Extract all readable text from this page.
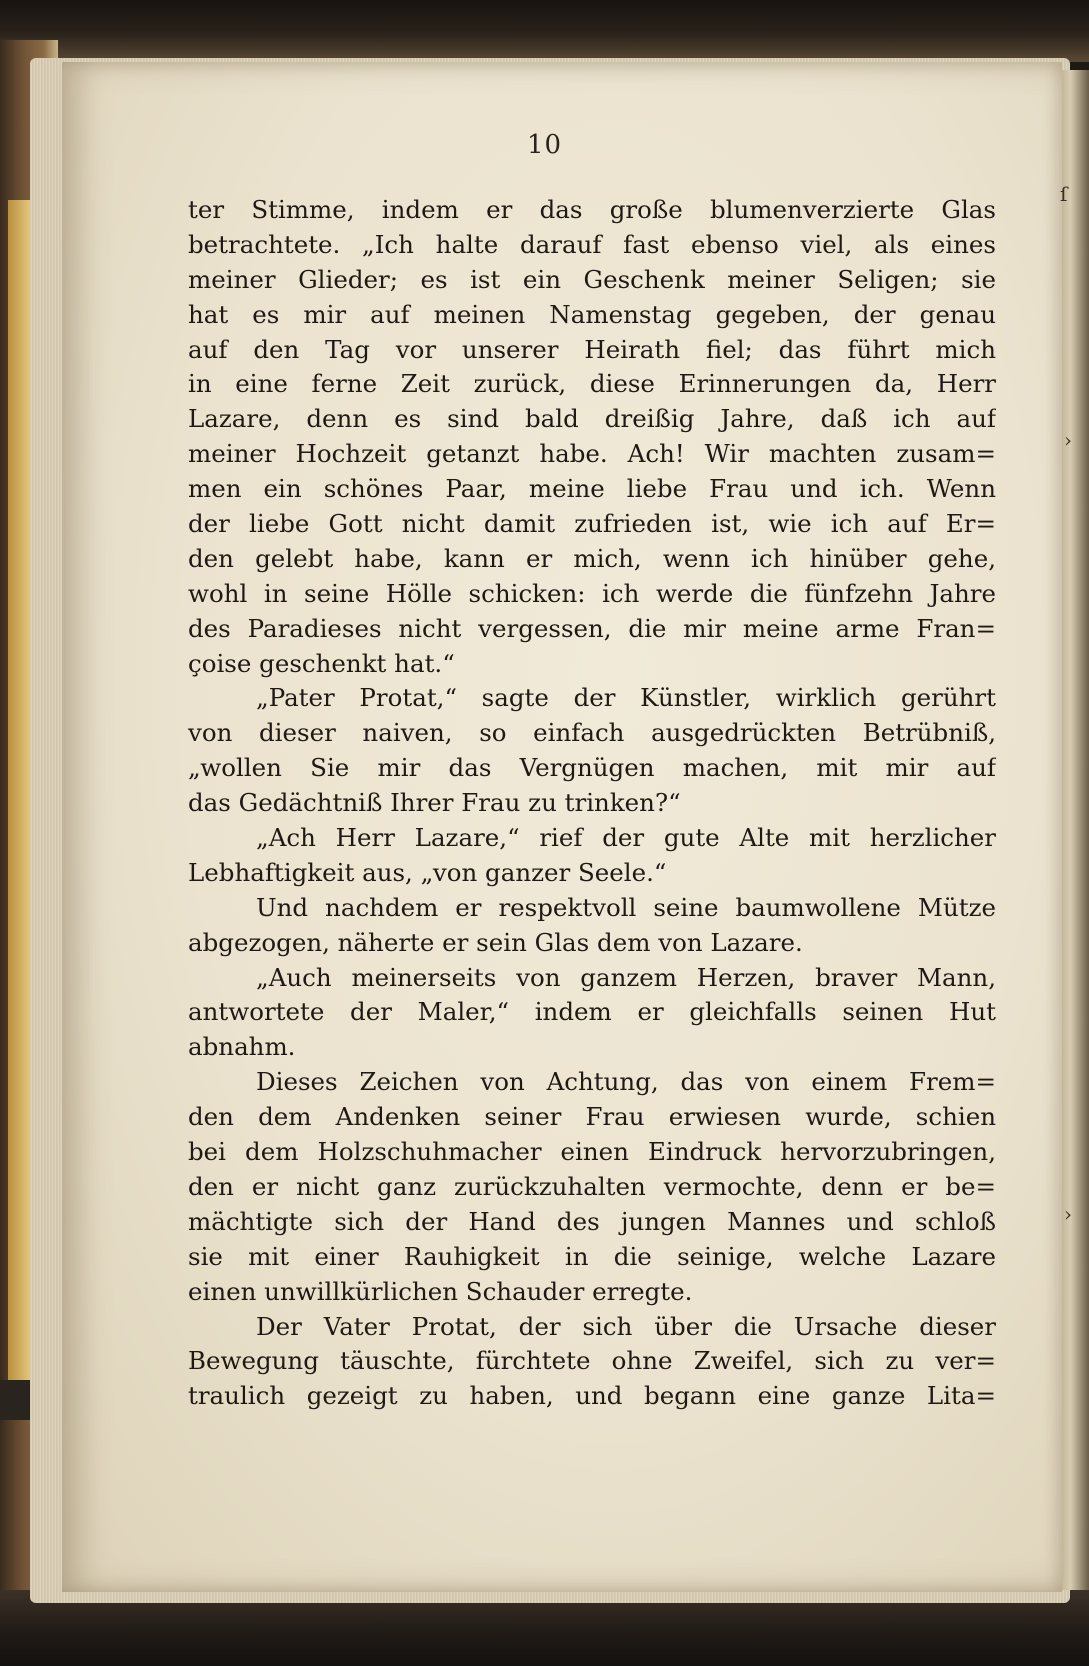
10
ter Stimme, indem er das große blumenverzierte Glas
betrachtete. „Ich halte darauf fast ebenso viel, als eines
meiner Glieder; es ist ein Geschenk meiner Seligen; sie
hat es mir auf meinen Namenstag gegeben, der genau
auf den Tag vor unserer Heirath fiel; das führt mich
in eine ferne Zeit zurück, diese Erinnerungen da, Herr
Lazare, denn es sind bald dreißig Jahre, daß ich auf
meiner Hochzeit getanzt habe. Ach! Wir machten zusam=
men ein schönes Paar, meine liebe Frau und ich. Wenn
der liebe Gott nicht damit zufrieden ist, wie ich auf Er=
den gelebt habe, kann er mich, wenn ich hinüber gehe,
wohl in seine Hölle schicken: ich werde die fünfzehn Jahre
des Paradieses nicht vergessen, die mir meine arme Fran=
çoise geschenkt hat.“
„Pater Protat,“ sagte der Künstler, wirklich gerührt
von dieser naiven, so einfach ausgedrückten Betrübniß,
„wollen Sie mir das Vergnügen machen, mit mir auf
das Gedächtniß Ihrer Frau zu trinken?“
„Ach Herr Lazare,“ rief der gute Alte mit herzlicher
Lebhaftigkeit aus, „von ganzer Seele.“
Und nachdem er respektvoll seine baumwollene Mütze
abgezogen, näherte er sein Glas dem von Lazare.
„Auch meinerseits von ganzem Herzen, braver Mann,
antwortete der Maler,“ indem er gleichfalls seinen Hut
abnahm.
Dieses Zeichen von Achtung, das von einem Frem=
den dem Andenken seiner Frau erwiesen wurde, schien
bei dem Holzschuhmacher einen Eindruck hervorzubringen,
den er nicht ganz zurückzuhalten vermochte, denn er be=
mächtigte sich der Hand des jungen Mannes und schloß
sie mit einer Rauhigkeit in die seinige, welche Lazare
einen unwillkürlichen Schauder erregte.
Der Vater Protat, der sich über die Ursache dieser
Bewegung täuschte, fürchtete ohne Zweifel, sich zu ver=
traulich gezeigt zu haben, und begann eine ganze Lita=
ſ
›
›
